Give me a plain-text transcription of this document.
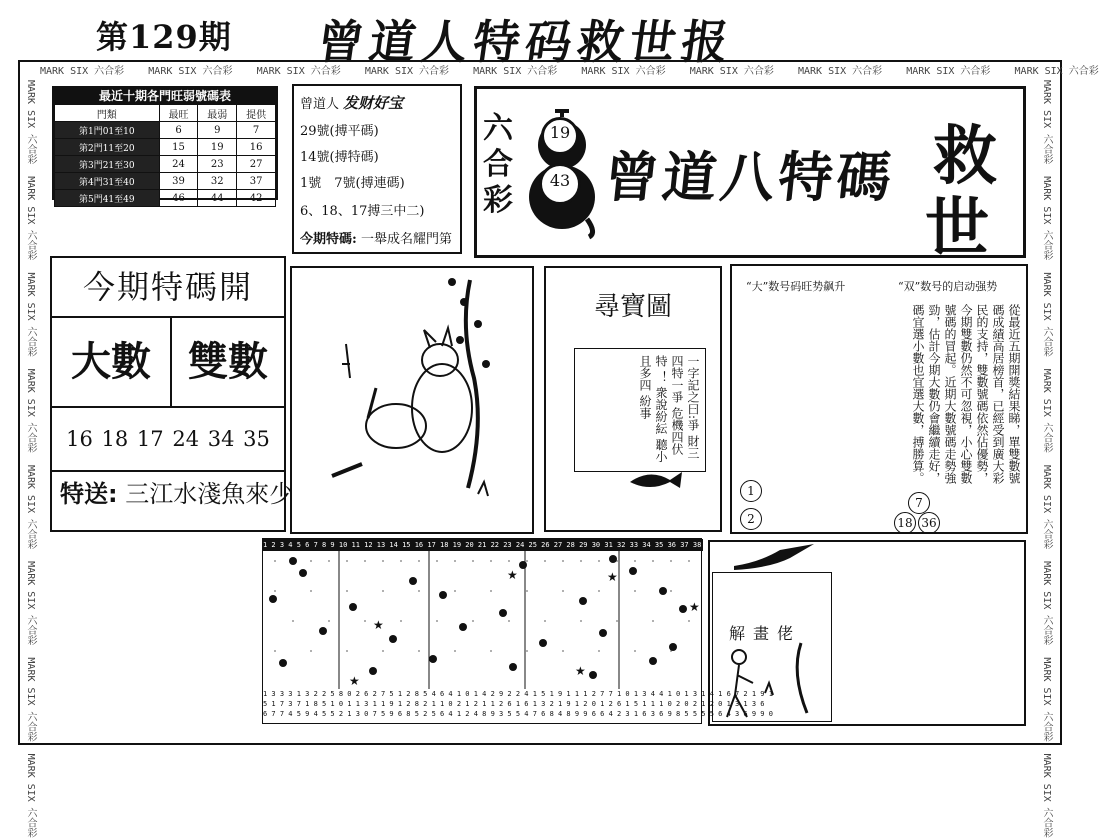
第129期 曾道人特码救世报
MARK SIX 六合彩 MARK SIX 六合彩 MARK SIX 六合彩 MARK SIX 六合彩 MARK SIX 六合彩 MARK SIX 六合彩 MARK SIX 六合彩 MARK SIX 六合彩 MARK SIX 六合彩 MARK SIX 六合彩
MARK SIX 六合彩  MARK SIX 六合彩  MARK SIX 六合彩  MARK SIX 六合彩  MARK SIX 六合彩  MARK SIX 六合彩  MARK SIX 六合彩  MARK SIX 六合彩
MARK SIX 六合彩  MARK SIX 六合彩  MARK SIX 六合彩  MARK SIX 六合彩  MARK SIX 六合彩  MARK SIX 六合彩  MARK SIX 六合彩  MARK SIX 六合彩
最近十期各門旺弱號碼表
門類	最旺	最弱	提供
第1門01至10	6	9	7
第2門11至20	15	19	16
第3門21至30	24	23	27
第4門31至40	39	32	37
第5門41至49	46	44	42
曾道人 发财好宝
29號(搏平碼)
14號(搏特碼)
1號　7號(搏連碼)
6、18、17搏三中二)
今期特碼: 一舉成名耀門第
六
合
彩
19
43 曾道八特碼 救
世
今期特碼開
大數 雙數
16 18 17 24 34 35
特送: 三江水淺魚來少
尋寶圖
一字記之曰:爭 財三四特一爭 危機四伏特 ！ 衆說紛紜 聽小且多四 紛事
“大”数号码旺势飙升	“双”数号的启动强势
從最近五期開獎結果睇，單雙數號碼成績高居榜首，已經受到廣大彩民的支持，雙數號碼依然佔優勢，今期雙數仍然不可忽視，小心雙數號碼的冒起。近期大數號碼走勢強勁，估計今期大數仍會繼續走好，碼宜選小數也宜選大數，搏勝算。
1
2
7
18 36
1 2 3 4 5 6 7 8 9 10 11 12 13 14 15 16 17 18 19 20 21 22 23 24 25 26 27 28 29 30 31 32 33 34 35 36 37 38 39 40 41 42 43 44 45 46 47 48 49
★	★
★
★
★
★
1 3 3 3 1 3 2 2 5 8 0 2 6 2 7 5 1 2 8 5 4 6 4 1 0 1 4 2 9 2 2 4 1 5 1 9 1 1 1 2 7 7 1 0 1 3 4 4 1 0 1 3 1 4 1 6 7 2 1 9 1
5 1 7 3 7 1 8 5 1 0 1 1 3 1 1 9 1 2 8 2 1 1 0 2 1 2 1 1 2 6 1 6 1 3 2 1 9 1 2 0 1 2 6 1 5 1 1 1 0 2 0 2 1 2 0 1 3 1 3 6
6 7 7 4 5 9 4 5 5 2 1 3 0 7 5 9 6 8 5 2 5 6 4 1 2 4 8 9 3 5 5 4 7 6 8 4 8 9 9 6 6 4 2 3 1 6 3 6 9 8 5 5 5 5 6 4 3 6 9 9 0
解畫佬
